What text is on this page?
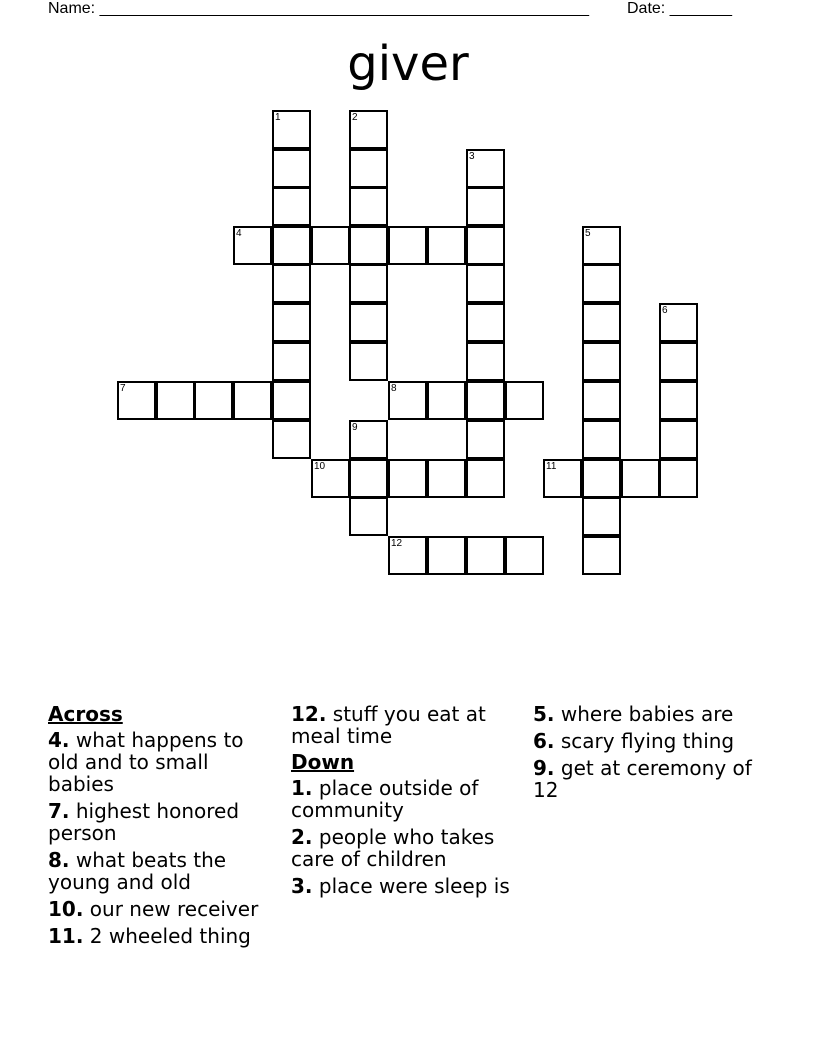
Name: _______________________________________________________ Date: _______
giver
1	2
3
4	5
6
7	8
9
10	11
12
Across
4. what happens to old and to small babies
7. highest honored person
8. what beats the young and old
10. our new receiver
11. 2 wheeled thing
12. stuff you eat at meal time
Down
1. place outside of community
2. people who takes care of children
3. place were sleep is
5. where babies are
6. scary flying thing
9. get at ceremony of 12
